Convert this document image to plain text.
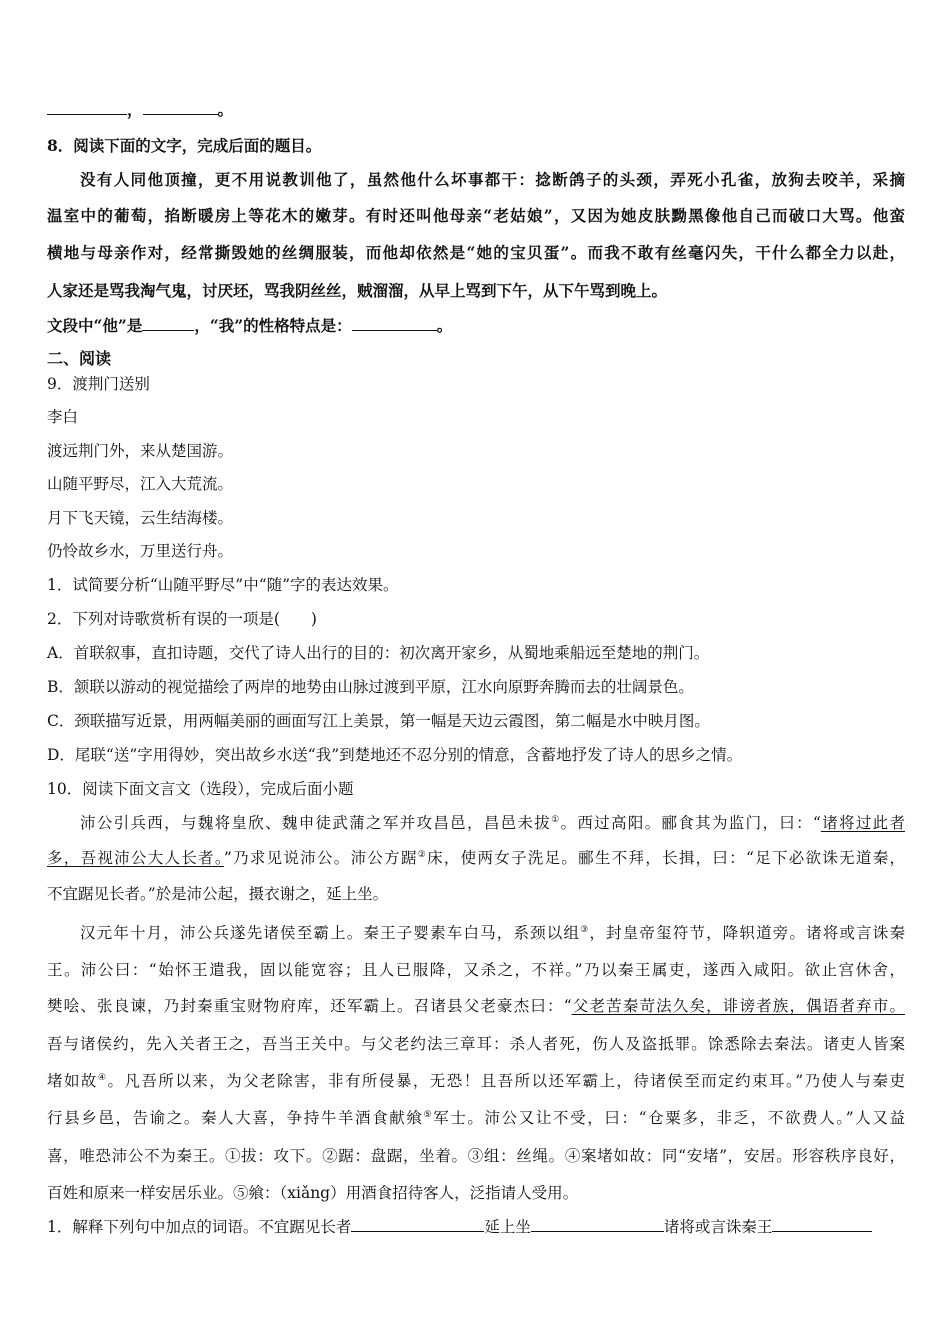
，	。
8．阅读下面的文字，完成后面的题目。
没有人同他顶撞，更不用说教训他了，虽然他什么坏事都干：捻断鸽子的头颈，弄死小孔雀，放狗去咬羊，采摘
温室中的葡萄，掐断暖房上等花木的嫩芽。有时还叫他母亲“老姑娘”，又因为她皮肤黝黑像他自己而破口大骂。他蛮
横地与母亲作对，经常撕毁她的丝绸服装，而他却依然是“她的宝贝蛋”。而我不敢有丝毫闪失，干什么都全力以赴，
人家还是骂我淘气鬼，讨厌坯，骂我阴丝丝，贼溜溜，从早上骂到下午，从下午骂到晚上。
文段中“他”是	，“我”的性格特点是：	。
二、阅读
9．渡荆门送别
李白
渡远荆门外，来从楚国游。
山随平野尽，江入大荒流。
月下飞天镜，云生结海楼。
仍怜故乡水，万里送行舟。
1．试简要分析“山随平野尽”中“随”字的表达效果。
2．下列对诗歌赏析有误的一项是(　　)
A．首联叙事，直扣诗题，交代了诗人出行的目的：初次离开家乡，从蜀地乘船远至楚地的荆门。
B．颔联以游动的视觉描绘了两岸的地势由山脉过渡到平原，江水向原野奔腾而去的壮阔景色。
C．颈联描写近景，用两幅美丽的画面写江上美景，第一幅是天边云霞图，第二幅是水中映月图。
D．尾联“送”字用得妙，突出故乡水送“我”到楚地还不忍分别的情意，含蓄地抒发了诗人的思乡之情。
10．阅读下面文言文（选段），完成后面小题
沛公引兵西，与魏将皇欣、魏申徒武蒲之军并攻昌邑，昌邑未拔①。西过高阳。郦食其为监门，曰：“诸将过此者
多，吾视沛公大人长者。”乃求见说沛公。沛公方踞②床，使两女子洗足。郦生不拜，长揖，曰：“足下必欲诛无道秦，
不宜踞见长者。”於是沛公起，摄衣谢之，延上坐。
汉元年十月，沛公兵遂先诸侯至霸上。秦王子婴素车白马，系颈以组③，封皇帝玺符节，降轵道旁。诸将或言诛秦
王。沛公曰：“始怀王遣我，固以能宽容；且人已服降，又杀之，不祥。”乃以秦王属吏，遂西入咸阳。欲止宫休舍，
樊哙、张良谏，乃封秦重宝财物府库，还军霸上。召诸县父老豪杰曰：“父老苦秦苛法久矣，诽谤者族，偶语者弃市。
吾与诸侯约，先入关者王之，吾当王关中。与父老约法三章耳：杀人者死，伤人及盗抵罪。馀悉除去秦法。诸吏人皆案
堵如故④。凡吾所以来，为父老除害，非有所侵暴，无恐！且吾所以还军霸上，待诸侯至而定约束耳。”乃使人与秦吏
行县乡邑，告谕之。秦人大喜，争持牛羊酒食献飨⑤军士。沛公又让不受，曰：“仓粟多，非乏，不欲费人。”人又益
喜，唯恐沛公不为秦王。①拔：攻下。②踞：盘踞，坐着。③组：丝绳。④案堵如故：同“安堵”，安居。形容秩序良好，
百姓和原来一样安居乐业。⑤飨：（xiǎng）用酒食招待客人，泛指请人受用。
1．解释下列句中加点的词语。不宜踞见长者	延上坐	诸将或言诛秦王
